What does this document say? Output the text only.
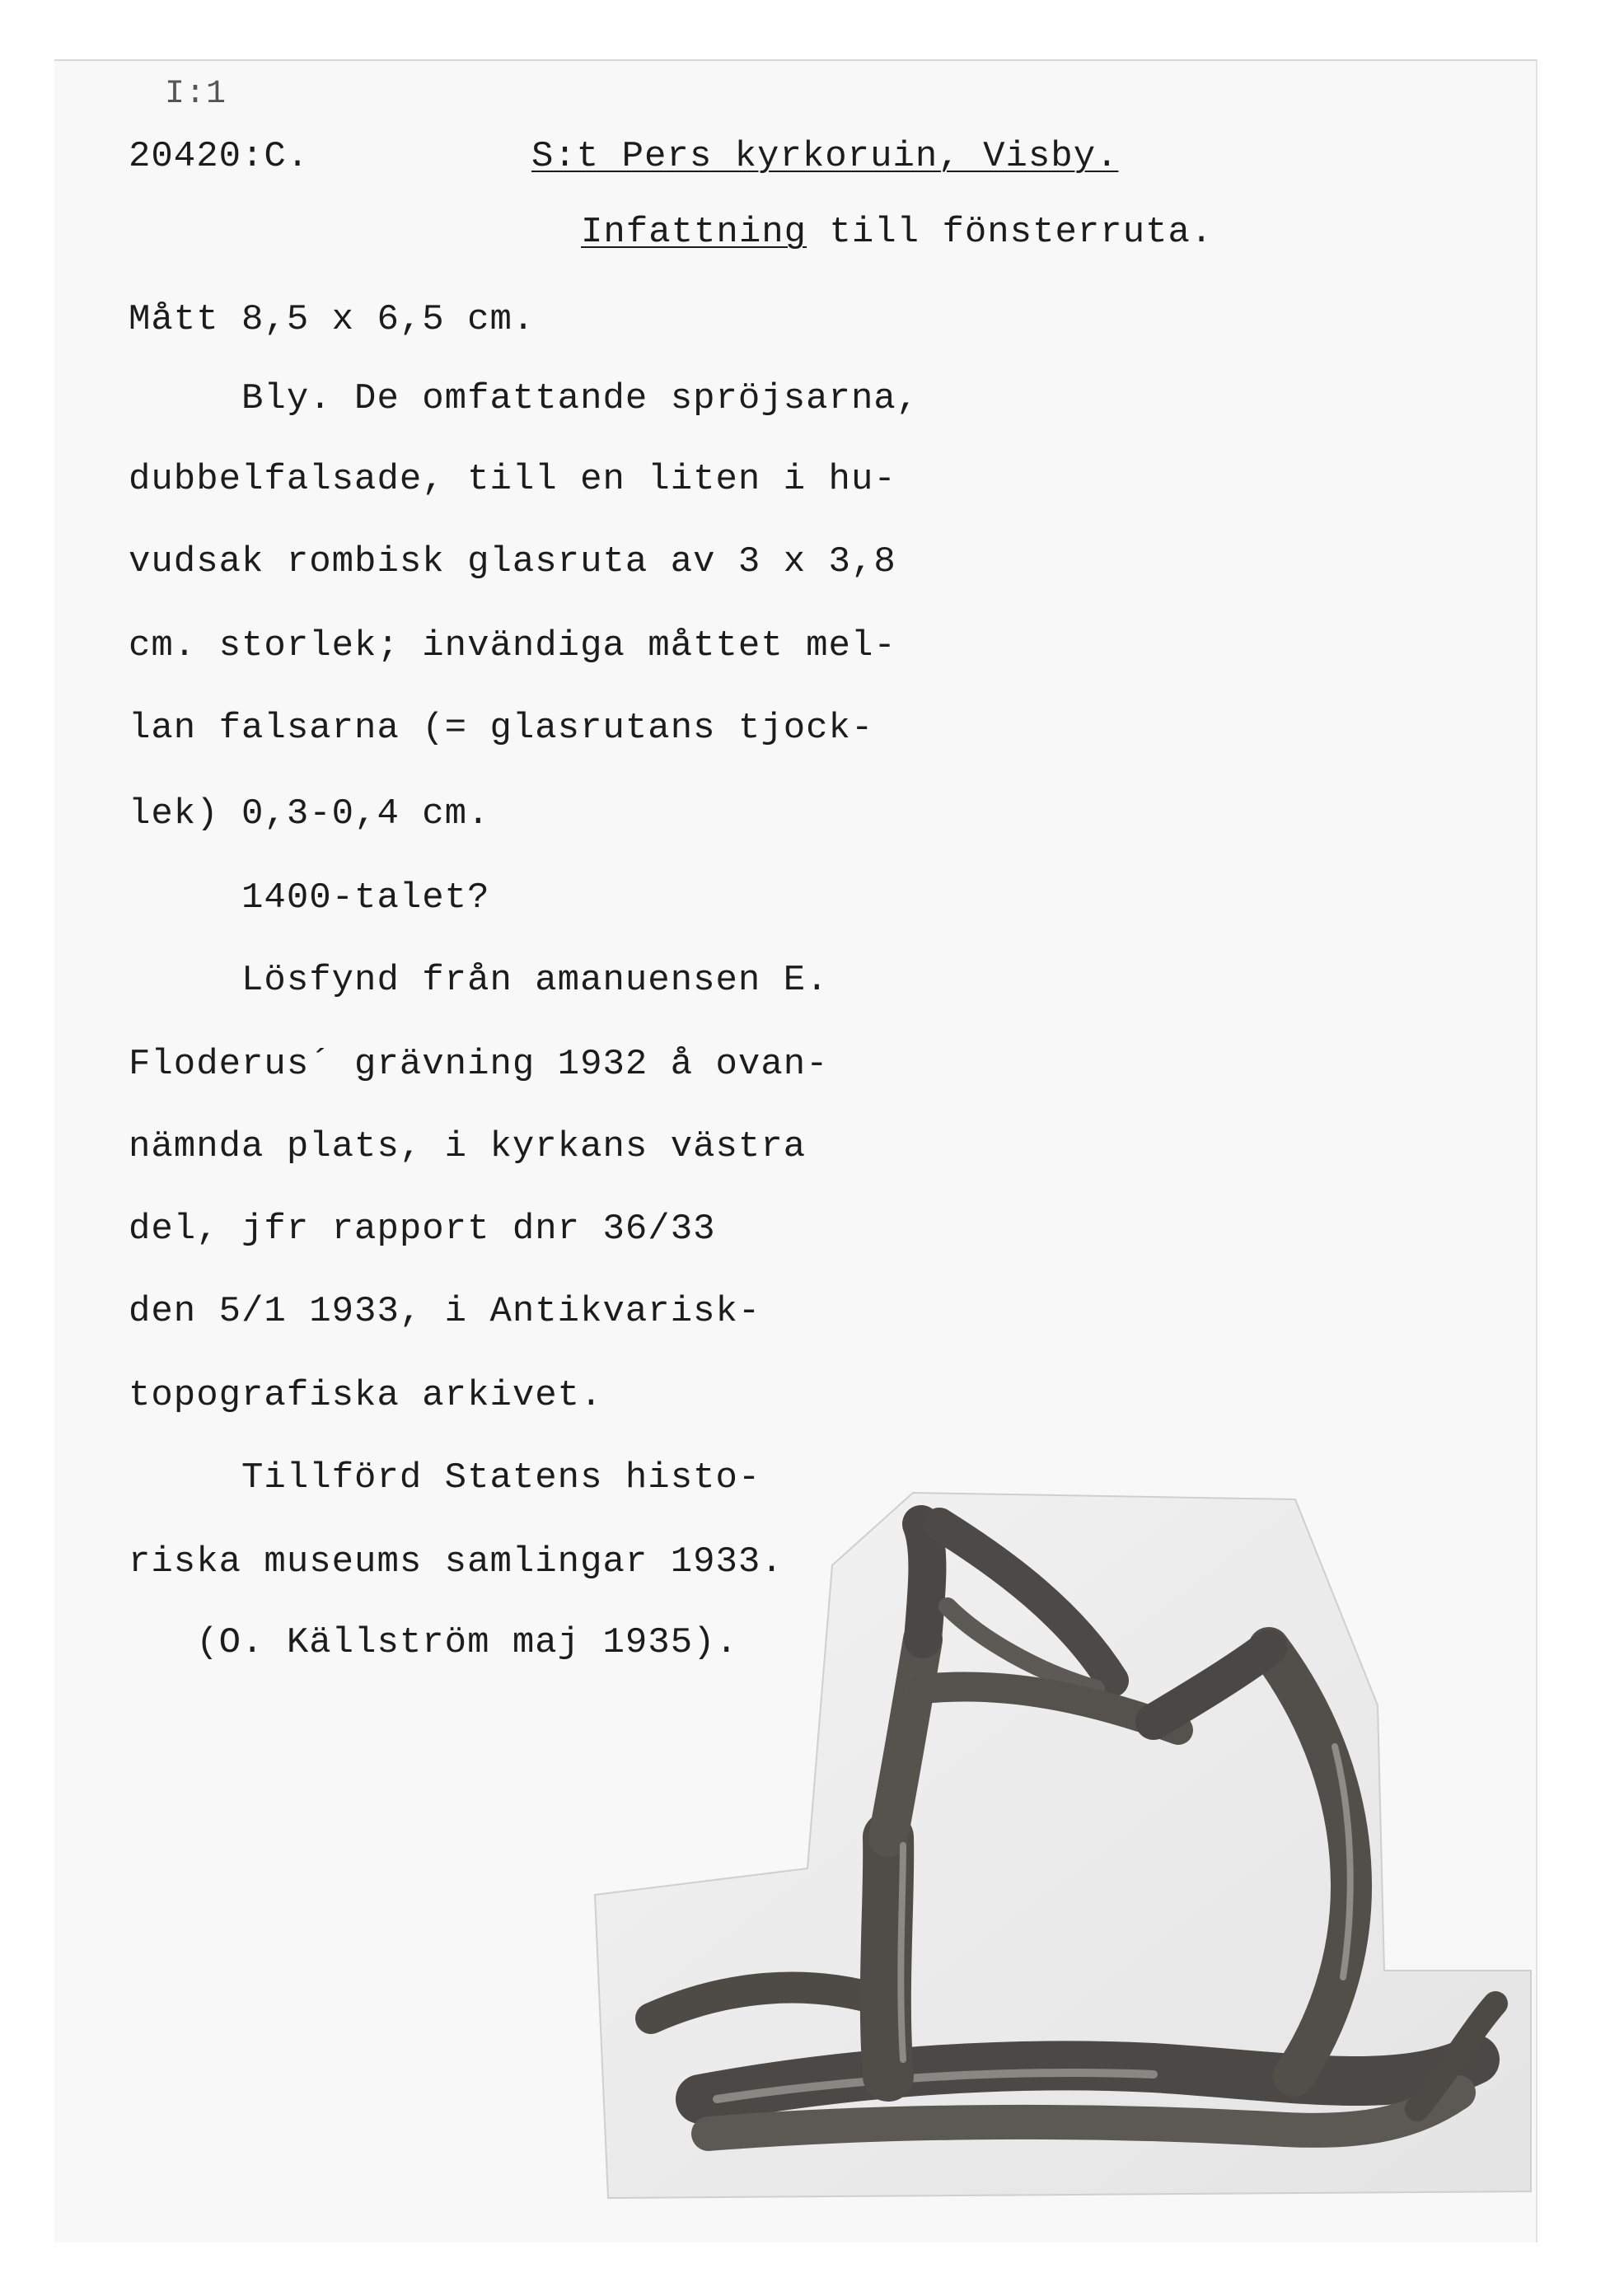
I:1
20420:C.	S:t Pers kyrkoruin, Visby.
Infattning till fönsterruta.
Mått 8,5 x 6,5 cm.
Bly. De omfattande spröjsarna,
dubbelfalsade, till en liten i hu-
vudsak rombisk glasruta av 3 x 3,8
cm. storlek; invändiga måttet mel-
lan falsarna (= glasrutans tjock-
lek) 0,3-0,4 cm.
1400-talet?
Lösfynd från amanuensen E.
Floderus´ grävning 1932 å ovan-
nämnda plats, i kyrkans västra
del, jfr rapport dnr 36/33
den 5/1 1933, i Antikvarisk-
topografiska arkivet.
Tillförd Statens histo-
riska museums samlingar 1933.
(O. Källström maj 1935).
